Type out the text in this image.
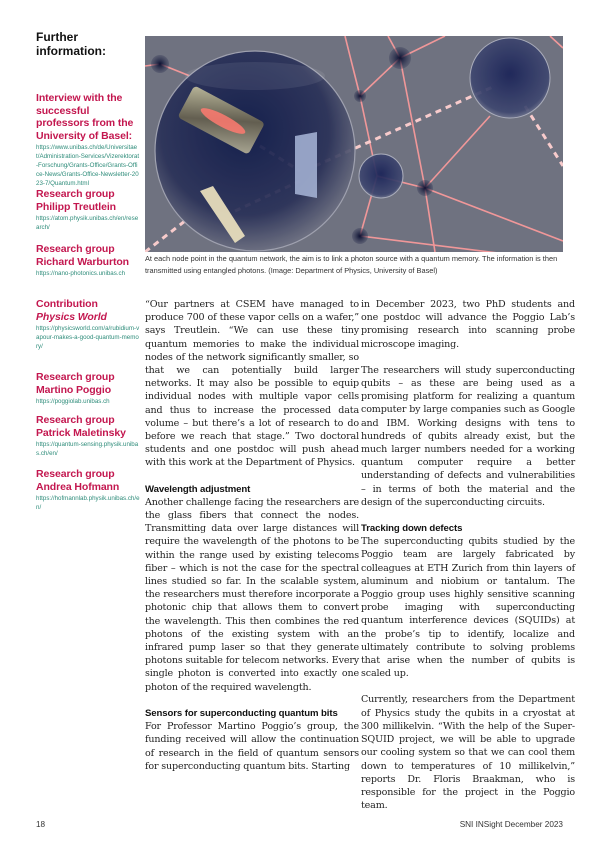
Further information:
Interview with the successful professors from the University of Basel:
https://www.unibas.ch/de/Universitaet/Administration-Services/Vizerektorat-Forschung/Grants-Office/Grants-Office-News/Grants-Office-Newsletter-2023-7/Quantum.html
Research group
Philipp Treutlein
https://atom.physik.unibas.ch/en/research/
Research group
Richard Warburton
https://nano-photonics.unibas.ch
Contribution
Physics World
https://physicsworld.com/a/rubidium-vapour-makes-a-good-quantum-memory/
Research group
Martino Poggio
https://poggiolab.unibas.ch
Research group
Patrick Maletinsky
https://quantum-sensing.physik.unibas.ch/en/
Research group
Andrea Hofmann
https://hofmannlab.physik.unibas.ch/en/
At each node point in the quantum network, the aim is to link a photon source with a quantum memory. The information is then transmitted using entangled photons. (Image: Department of Physics, University of Basel)

“Our partners at CSEM have managed to produce 700 of these vapor cells on a wafer,” says Treutlein. “We can use these tiny quantum memories to make the individual nodes of the network significantly smaller, so that we can potentially build larger networks. It may also be possible to equip individual nodes with multiple vapor cells and thus to increase the processed data volume – but there’s a lot of research to do before we reach that stage.” Two doctoral students and one postdoc will push ahead with this work at the Department of Physics.

Wavelength adjustment

Another challenge facing the researchers are the glass fibers that connect the nodes. Transmitting data over large distances will require the wavelength of the photons to be within the range used by existing telecoms fiber – which is not the case for the spectral lines studied so far. In the scalable system, the researchers must therefore incorporate a photonic chip that allows them to convert the wavelength. This then combines the red photons of the existing system with an infrared pump laser so that they generate photons suitable for telecom networks. Every single photon is converted into exactly one photon of the required wavelength.

Sensors for superconducting quantum bits

For Professor Martino Poggio’s group, the funding received will allow the continuation of research in the field of quantum sensors for superconducting quantum bits. Starting

in December 2023, two PhD students and one postdoc will advance the Poggio Lab’s promising research into scanning probe microscope imaging.

The researchers will study superconducting qubits – as these are being used as a promising platform for realizing a quantum computer by large companies such as Google and IBM. Working designs with tens to hundreds of qubits already exist, but the much larger numbers needed for a working quantum computer require a better understanding of defects and vulnerabilities – in terms of both the material and the design of the superconducting circuits.

Tracking down defects

The superconducting qubits studied by the Poggio team are largely fabricated by colleagues at ETH Zurich from thin layers of aluminum and niobium or tantalum. The Poggio group uses highly sensitive scanning probe imaging with superconducting quantum interference devices (SQUIDs) at the probe’s tip to identify, localize and ultimately contribute to solving problems that arise when the number of qubits is scaled up.

Currently, researchers from the Department of Physics study the qubits in a cryostat at 300 millikelvin. “With the help of the Super-SQUID project, we will be able to upgrade our cooling system so that we can cool them down to temperatures of 10 millikelvin,” reports Dr. Floris Braakman, who is responsible for the project in the Poggio team.

18	SNI INSight December 2023
